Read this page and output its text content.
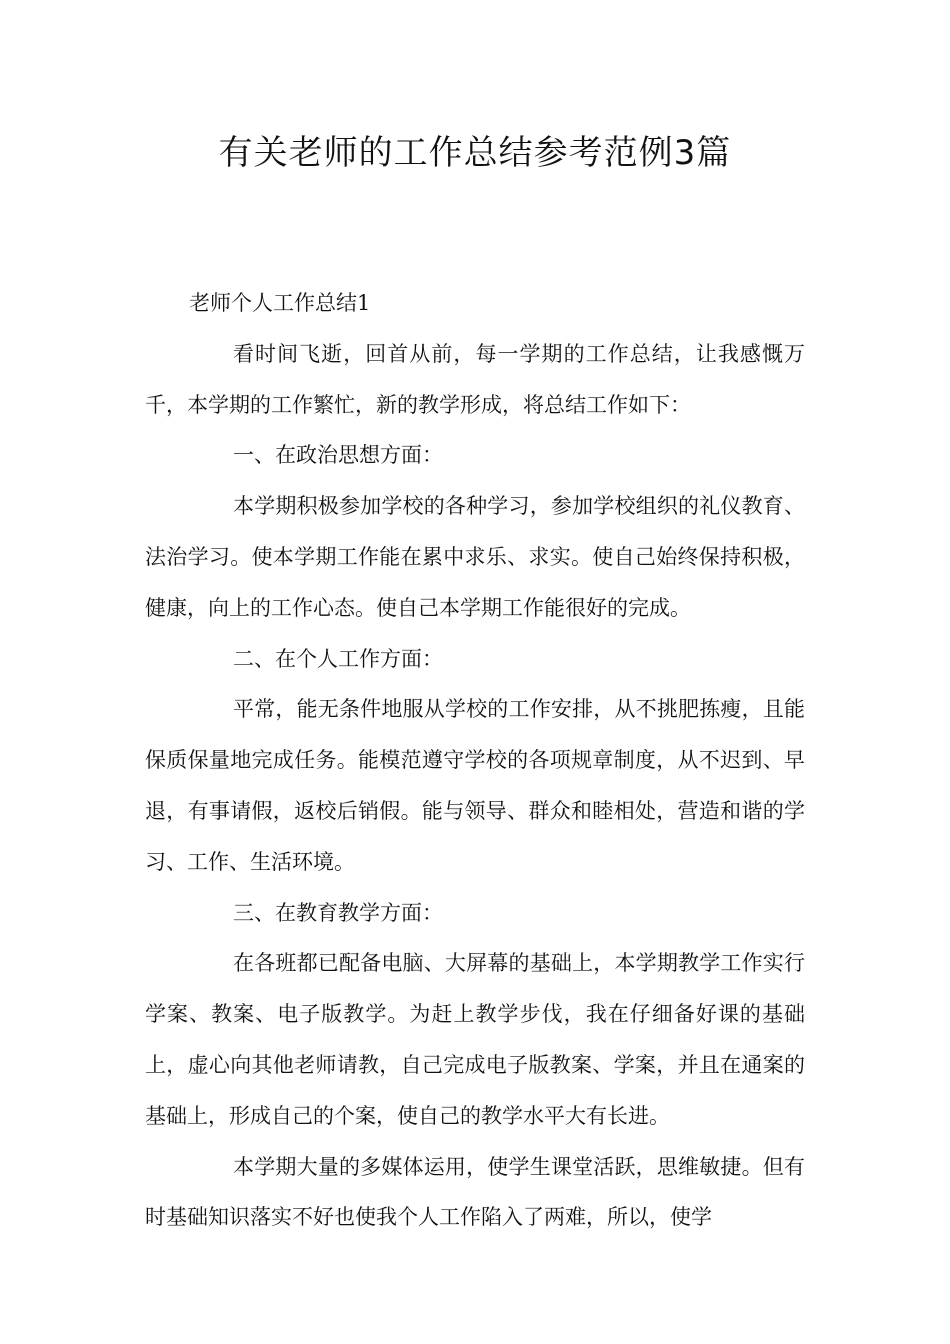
有关老师的工作总结参考范例3篇

老师个人工作总结1

看时间飞逝，回首从前，每一学期的工作总结，让我感慨万千，本学期的工作繁忙，新的教学形成，将总结工作如下：

一、在政治思想方面：

本学期积极参加学校的各种学习，参加学校组织的礼仪教育、法治学习。使本学期工作能在累中求乐、求实。使自己始终保持积极，健康，向上的工作心态。使自己本学期工作能很好的完成。

二、在个人工作方面：

平常，能无条件地服从学校的工作安排，从不挑肥拣瘦，且能保质保量地完成任务。能模范遵守学校的各项规章制度，从不迟到、早退，有事请假，返校后销假。能与领导、群众和睦相处，营造和谐的学习、工作、生活环境。

三、在教育教学方面：

在各班都已配备电脑、大屏幕的基础上，本学期教学工作实行学案、教案、电子版教学。为赶上教学步伐，我在仔细备好课的基础上，虚心向其他老师请教，自己完成电子版教案、学案，并且在通案的基础上，形成自己的个案，使自己的教学水平大有长进。

本学期大量的多媒体运用，使学生课堂活跃，思维敏捷。但有时基础知识落实不好也使我个人工作陷入了两难，所以，使学
